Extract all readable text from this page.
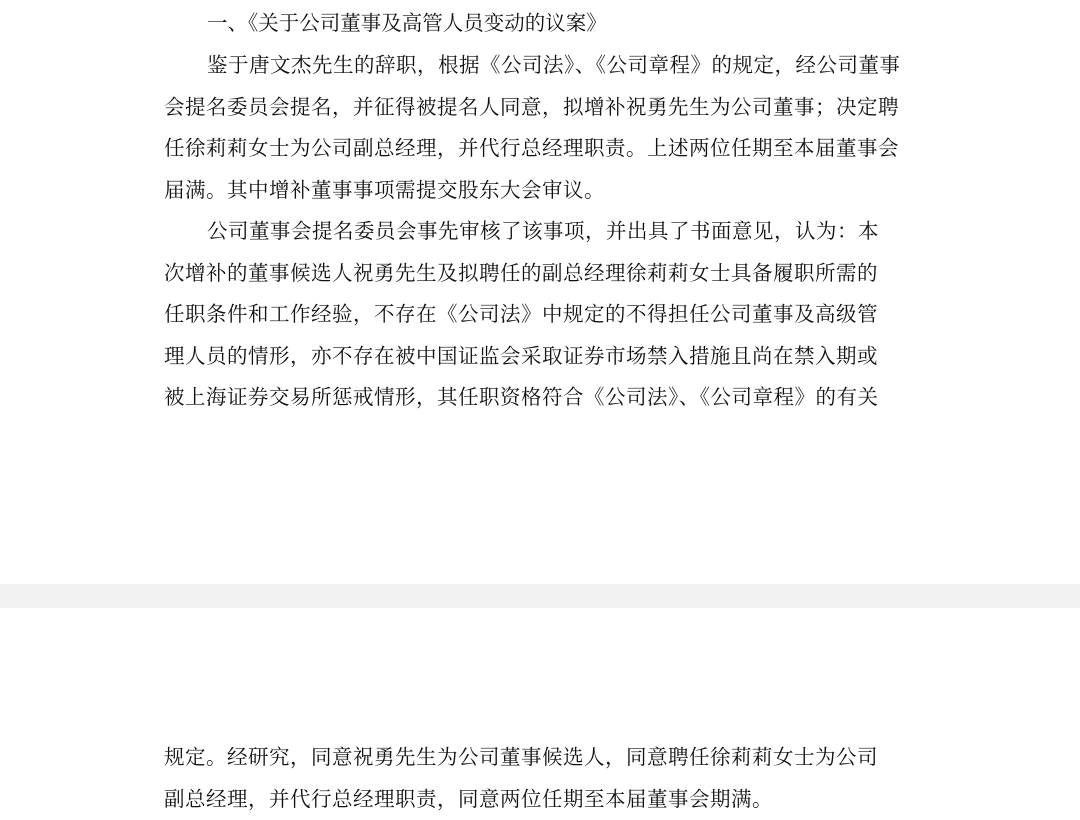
一、《关于公司董事及高管人员变动的议案》
鉴于唐文杰先生的辞职，根据《公司法》、《公司章程》的规定，经公司董事
会提名委员会提名，并征得被提名人同意，拟增补祝勇先生为公司董事；决定聘
任徐莉莉女士为公司副总经理，并代行总经理职责。上述两位任期至本届董事会
届满。其中增补董事事项需提交股东大会审议。
公司董事会提名委员会事先审核了该事项，并出具了书面意见，认为：本
次增补的董事候选人祝勇先生及拟聘任的副总经理徐莉莉女士具备履职所需的
任职条件和工作经验，不存在《公司法》中规定的不得担任公司董事及高级管
理人员的情形，亦不存在被中国证监会采取证券市场禁入措施且尚在禁入期或
被上海证券交易所惩戒情形，其任职资格符合《公司法》、《公司章程》的有关
规定。经研究，同意祝勇先生为公司董事候选人，同意聘任徐莉莉女士为公司
副总经理，并代行总经理职责，同意两位任期至本届董事会期满。
